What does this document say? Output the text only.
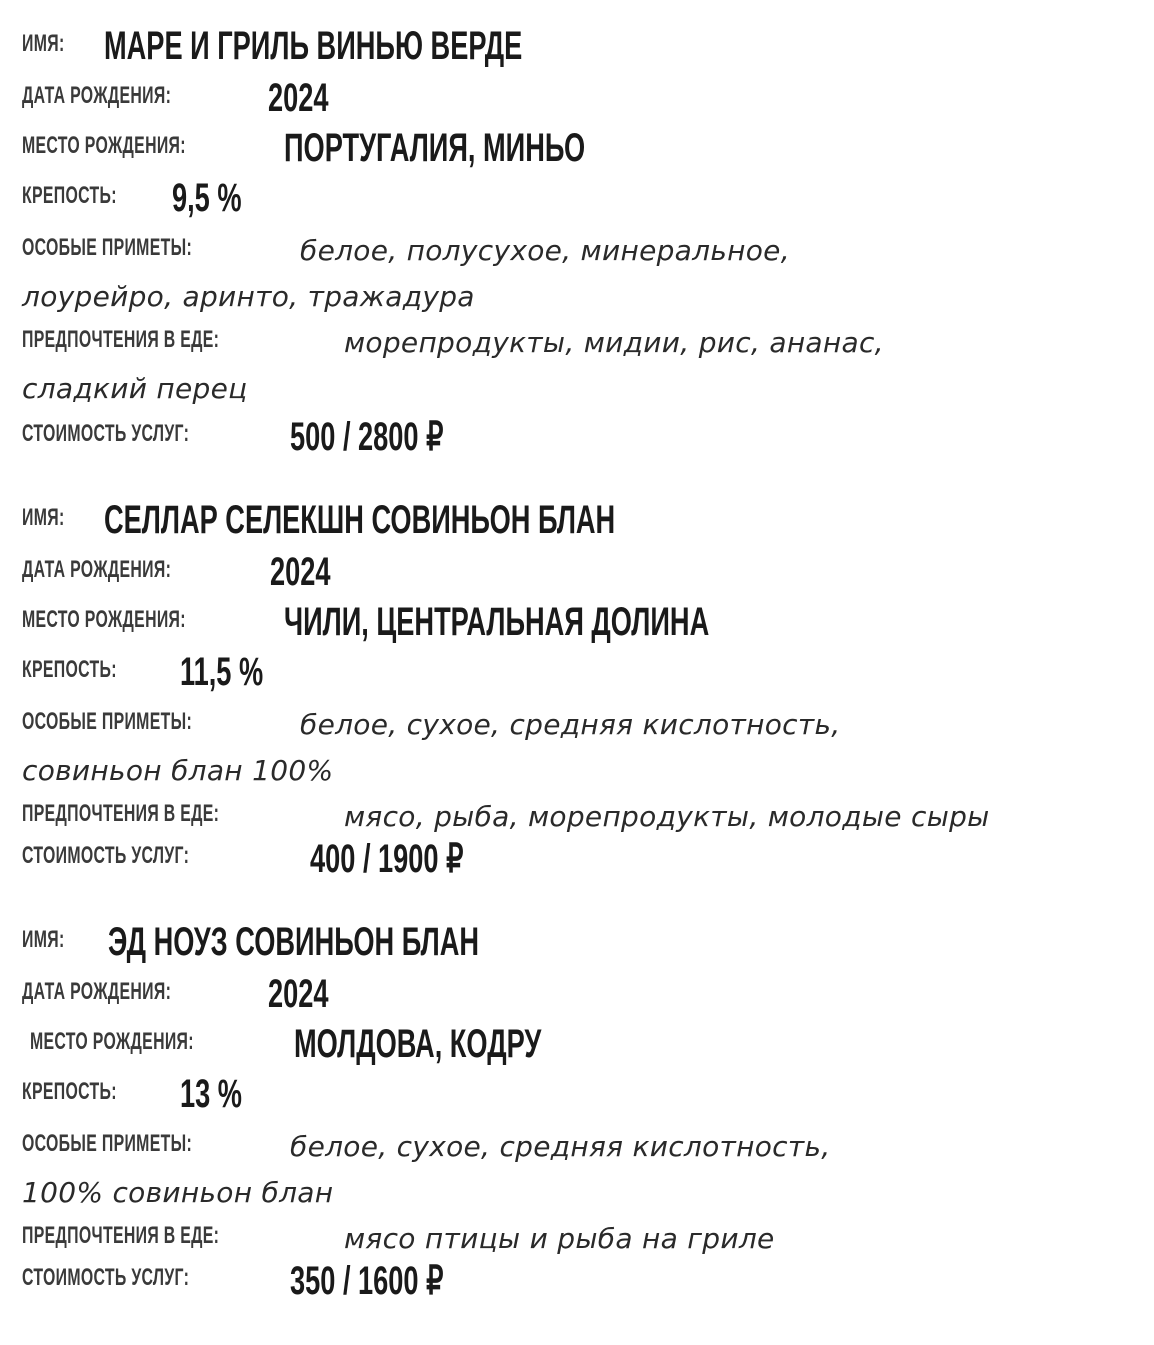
ИМЯ: МАРЕ И ГРИЛЬ ВИНЬЮ ВЕРДЕ
ДАТА РОЖДЕНИЯ: 2024
МЕСТО РОЖДЕНИЯ: ПОРТУГАЛИЯ, МИНЬО
КРЕПОСТЬ: 9,5 %
ОСОБЫЕ ПРИМЕТЫ:	белое, полусухое, минеральное,
лоурейро, аринто, тражадура
ПРЕДПОЧТЕНИЯ В ЕДЕ:	морепродукты, мидии, рис, ананас,
сладкий перец
СТОИМОСТЬ УСЛУГ:	500 / 2800 ₽
ИМЯ: СЕЛЛАР СЕЛЕКШН СОВИНЬОН БЛАН
ДАТА РОЖДЕНИЯ: 2024
МЕСТО РОЖДЕНИЯ: ЧИЛИ, ЦЕНТРАЛЬНАЯ ДОЛИНА
КРЕПОСТЬ: 11,5 %
ОСОБЫЕ ПРИМЕТЫ:	белое, сухое, средняя кислотность,
совиньон блан 100%
ПРЕДПОЧТЕНИЯ В ЕДЕ:	мясо, рыба, морепродукты, молодые сыры
СТОИМОСТЬ УСЛУГ:	400 / 1900 ₽
ИМЯ: ЭД НОУЗ СОВИНЬОН БЛАН
ДАТА РОЖДЕНИЯ: 2024
МЕСТО РОЖДЕНИЯ:	МОЛДОВА, КОДРУ
КРЕПОСТЬ: 13 %
ОСОБЫЕ ПРИМЕТЫ:	белое, сухое, средняя кислотность,
100% совиньон блан
ПРЕДПОЧТЕНИЯ В ЕДЕ:	мясо птицы и рыба на гриле
СТОИМОСТЬ УСЛУГ:	350 / 1600 ₽
